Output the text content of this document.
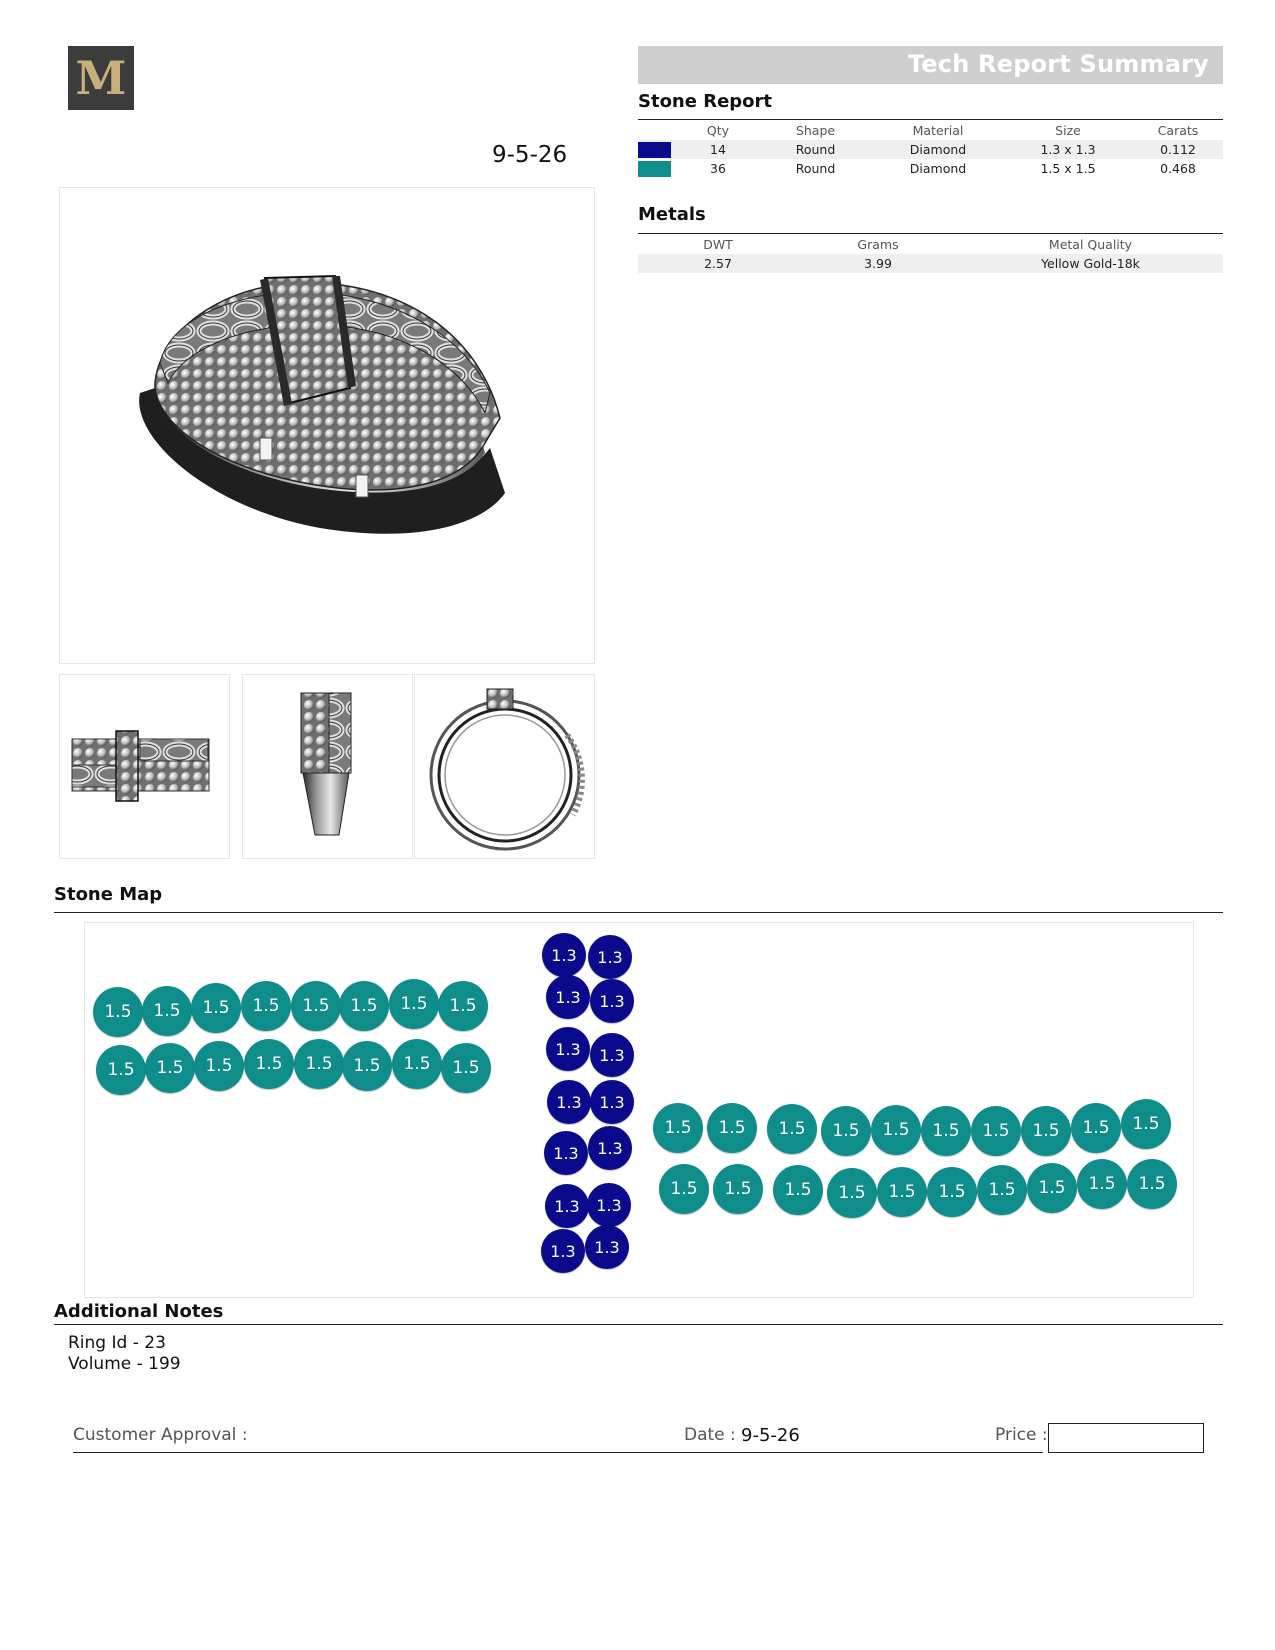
M
9-5-26
Tech Report Summary
Stone Report
	Qty	Shape	Material	Size	Carats
	14	Round	Diamond	1.3 x 1.3	0.112
	36	Round	Diamond	1.5 x 1.5	0.468
Metals
DWT	Grams	Metal Quality
2.57	3.99	Yellow Gold-18k
Stone Map
1.5
1.5
1.5
1.5
1.5
1.5
1.5
1.5
1.5
1.5
1.5
1.5
1.5
1.5
1.5
1.5
1.5
1.5
1.5
1.5
1.5
1.5
1.5
1.5
1.5
1.5
1.5
1.5
1.5
1.5
1.5
1.5
1.5
1.5
1.5
1.5
1.3	1.3
1.3	1.3
1.3	1.3
1.3	1.3
1.3	1.3
1.3	1.3
1.3	1.3
Additional Notes
Ring Id - 23
Volume - 199
Customer Approval :	Date : 9-5-26	Price :
